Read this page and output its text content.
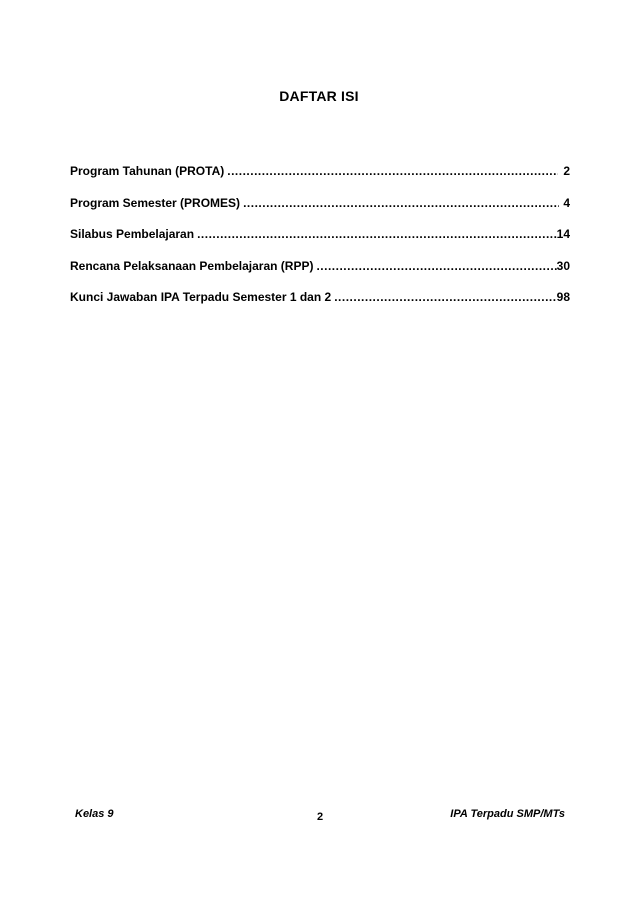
DAFTAR ISI
Program Tahunan (PROTA) .....	2
Program Semester (PROMES) .....	4
Silabus Pembelajaran .....	14
Rencana Pelaksanaan Pembelajaran (RPP) .....	30
Kunci Jawaban IPA Terpadu Semester 1 dan 2 .....	98
Kelas 9	2	IPA Terpadu SMP/MTs
